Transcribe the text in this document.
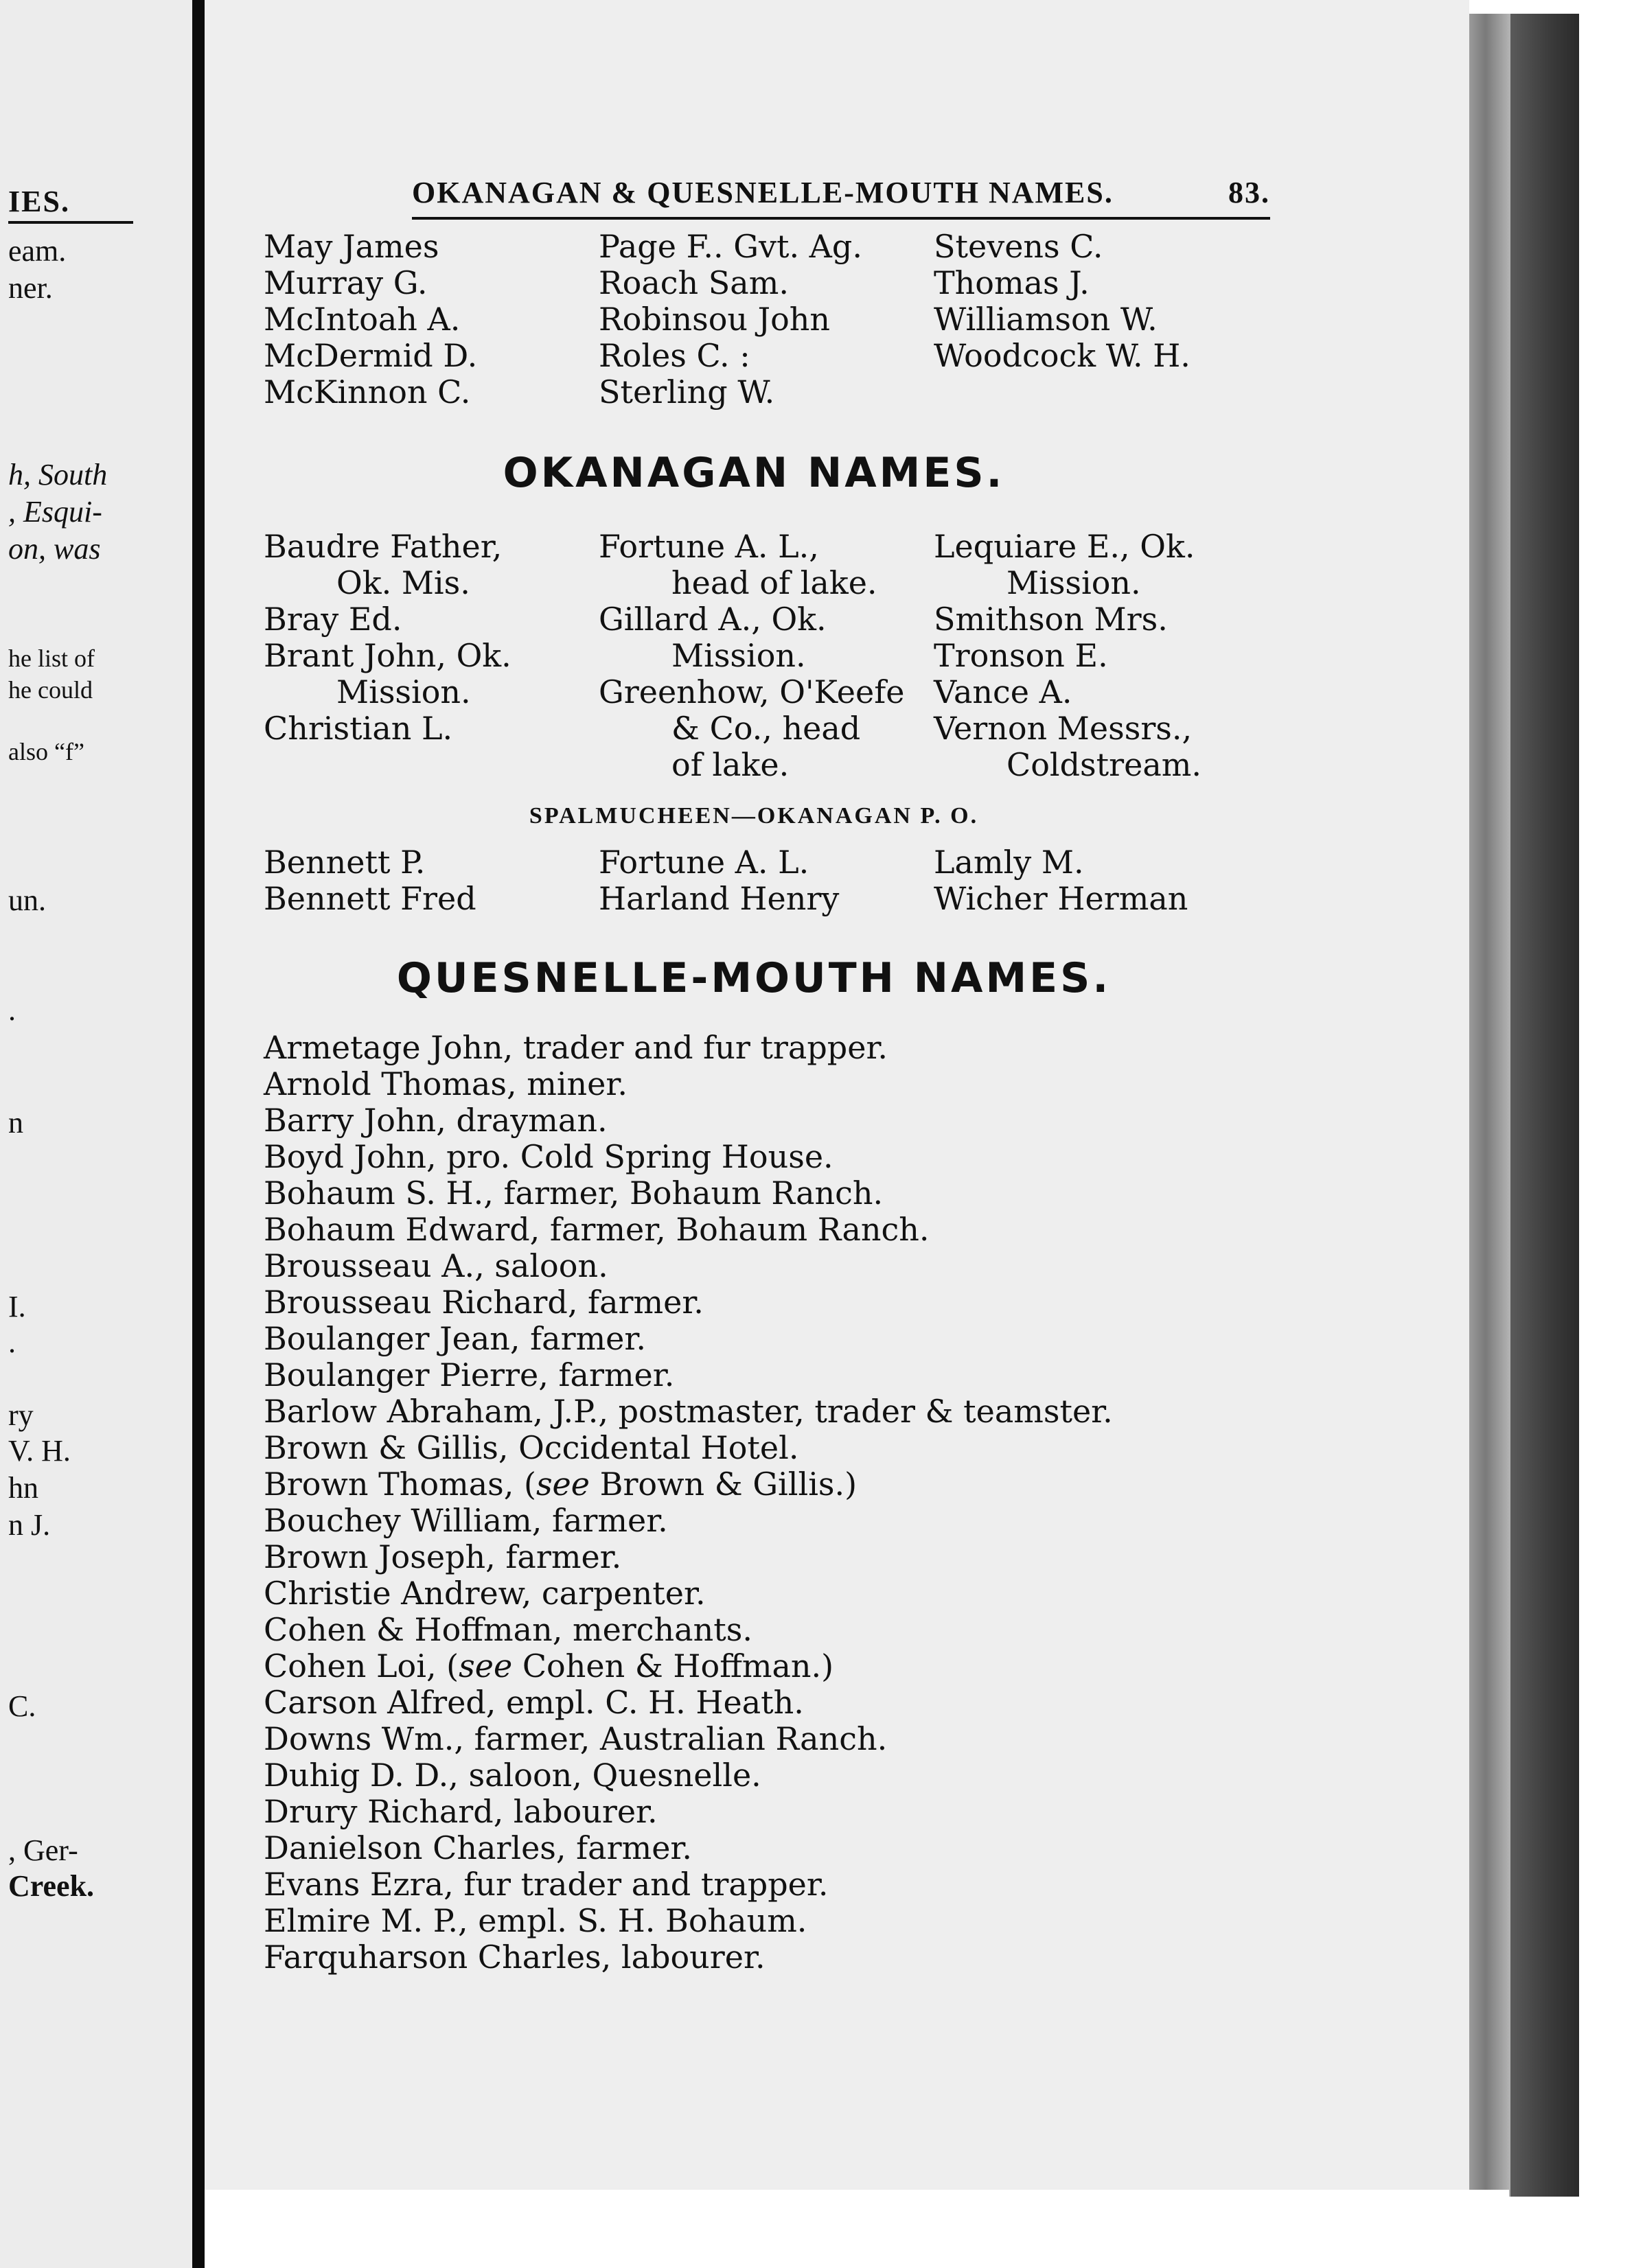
IES.
eam.
ner.
h, South
, Esqui-
on, was
he list of
he could
also “f”
un.
.
n
I.
.
ry
V. H.
hn
n J.
C.
, Ger-
Creek.
OKANAGAN & QUESNELLE-MOUTH NAMES.	83.
May James
Murray G.
McIntoah A.
McDermid D.
McKinnon C.
Page F.. Gvt. Ag.
Roach Sam.
Robinsou John
Roles C. :
Sterling W.
Stevens C.
Thomas J.
Williamson W.
Woodcock W. H.
OKANAGAN NAMES.
Baudre Father,
Ok. Mis.
Bray Ed.
Brant John, Ok.
Mission.
Christian L.
Fortune A. L.,
head of lake.
Gillard A., Ok.
Mission.
Greenhow, O'Keefe
& Co., head
of lake.
Lequiare E., Ok.
Mission.
Smithson Mrs.
Tronson E.
Vance A.
Vernon Messrs.,
Coldstream.
SPALMUCHEEN—OKANAGAN P. O.
Bennett P.
Bennett Fred
Fortune A. L.
Harland Henry
Lamly M.
Wicher Herman
QUESNELLE-MOUTH NAMES.
Armetage John, trader and fur trapper.
Arnold Thomas, miner.
Barry John, drayman.
Boyd John, pro. Cold Spring House.
Bohaum S. H., farmer, Bohaum Ranch.
Bohaum Edward, farmer, Bohaum Ranch.
Brousseau A., saloon.
Brousseau Richard, farmer.
Boulanger Jean, farmer.
Boulanger Pierre, farmer.
Barlow Abraham, J.P., postmaster, trader & teamster.
Brown & Gillis, Occidental Hotel.
Brown Thomas, (see Brown & Gillis.)
Bouchey William, farmer.
Brown Joseph, farmer.
Christie Andrew, carpenter.
Cohen & Hoffman, merchants.
Cohen Loi, (see Cohen & Hoffman.)
Carson Alfred, empl. C. H. Heath.
Downs Wm., farmer, Australian Ranch.
Duhig D. D., saloon, Quesnelle.
Drury Richard, labourer.
Danielson Charles, farmer.
Evans Ezra, fur trader and trapper.
Elmire M. P., empl. S. H. Bohaum.
Farquharson Charles, labourer.
